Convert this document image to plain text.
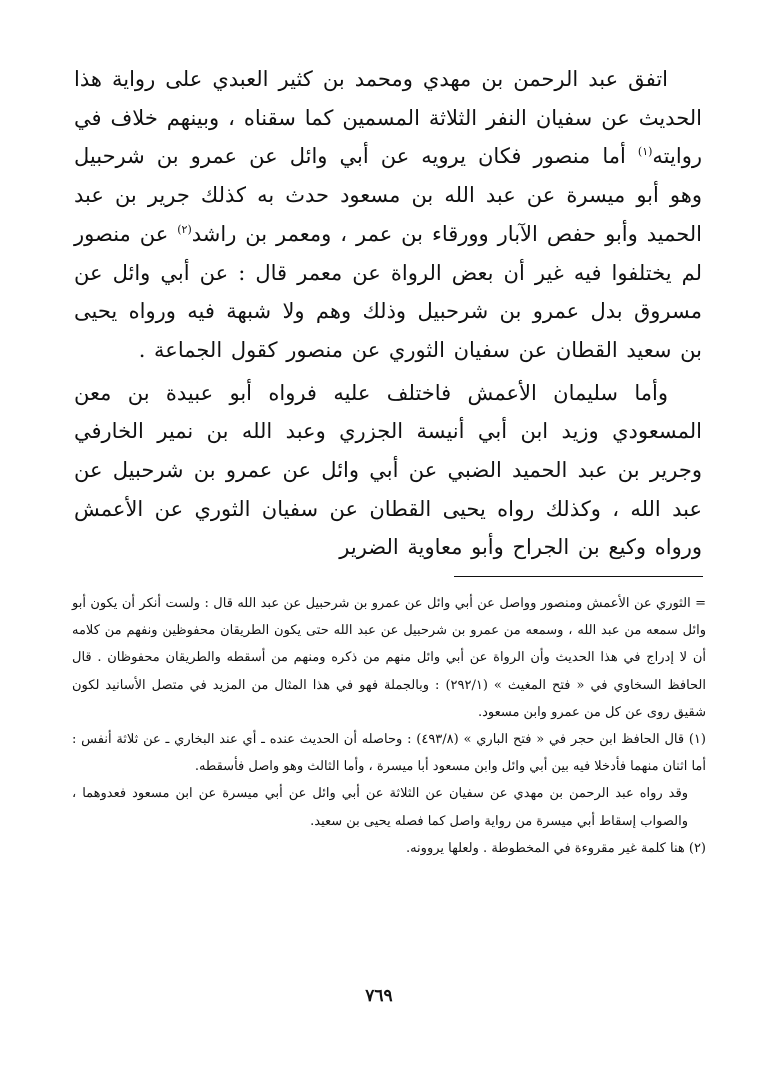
اتفق عبد الرحمن بن مهدي ومحمد بن كثير العبدي على رواية هذا الحديث عن سفيان النفر الثلاثة المسمين كما سقناه ، وبينهم خلاف في روايته$^{(١)}$ أما منصور فكان يرويه عن أبي وائل عن عمرو بن شرحبيل وهو أبو ميسرة عن عبد الله بن مسعود حدث به كذلك جرير بن عبد الحميد وأبو حفص الآبار وورقاء بن عمر ، ومعمر بن راشد$^{(٢)}$ عن منصور لم يختلفوا فيه غير أن بعض الرواة عن معمر قال : عن أبي وائل عن مسروق بدل عمرو بن شرحبيل وذلك وهم ولا شبهة فيه ورواه يحيى بن سعيد القطان عن سفيان الثوري عن منصور كقول الجماعة .

وأما سليمان الأعمش فاختلف عليه فرواه أبو عبيدة بن معن المسعودي وزيد ابن أبي أنيسة الجزري وعبد الله بن نمير الخارفي وجرير بن عبد الحميد الضبي عن أبي وائل عن عمرو بن شرحبيل عن عبد الله ، وكذلك رواه يحيى القطان عن سفيان الثوري عن الأعمش ورواه وكيع بن الجراح وأبو معاوية الضرير

= الثوري عن الأعمش ومنصور وواصل عن أبي وائل عن عمرو بن شرحبيل عن عبد الله قال : ولست أنكر أن يكون أبو وائل سمعه من عبد الله ، وسمعه من عمرو بن شرحبيل عن عبد الله حتى يكون الطريقان محفوظين ونفهم من كلامه أن لا إدراج في هذا الحديث وأن الرواة عن أبي وائل منهم من ذكره ومنهم من أسقطه والطريقان محفوظان . قال الحافظ السخاوي في « فتح المغيث » (٢٩٢/١) : وبالجملة فهو في هذا المثال من المزيد في متصل الأسانيد لكون شقيق روى عن كل من عمرو وابن مسعود.

(١) قال الحافظ ابن حجر في « فتح الباري » (٤٩٣/٨) : وحاصله أن الحديث عنده ـ أي عند البخاري ـ عن ثلاثة أنفس : أما اثنان منهما فأدخلا فيه بين أبي وائل وابن مسعود أبا ميسرة ، وأما الثالث وهو واصل فأسقطه.

وقد رواه عبد الرحمن بن مهدي عن سفيان عن الثلاثة عن أبي وائل عن أبي ميسرة عن ابن مسعود فعدوهما ، والصواب إسقاط أبي ميسرة من رواية واصل كما فصله يحيى بن سعيد.

(٢) هنا كلمة غير مقروءة في المخطوطة . ولعلها يروونه.

٧٦٩
